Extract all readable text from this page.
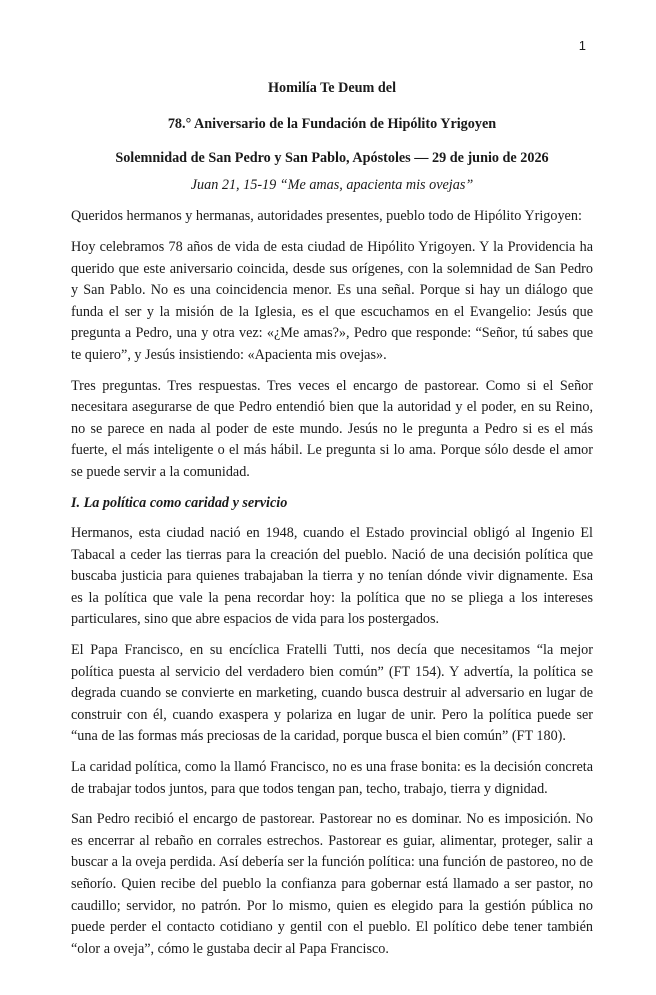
1

Homilía Te Deum del

78.° Aniversario de la Fundación de Hipólito Yrigoyen

Solemnidad de San Pedro y San Pablo, Apóstoles — 29 de junio de 2026

Juan 21, 15-19 “Me amas, apacienta mis ovejas”

Queridos hermanos y hermanas, autoridades presentes, pueblo todo de Hipólito Yrigoyen:

Hoy celebramos 78 años de vida de esta ciudad de Hipólito Yrigoyen. Y la Providencia ha querido que este aniversario coincida, desde sus orígenes, con la solemnidad de San Pedro y San Pablo. No es una coincidencia menor. Es una señal. Porque si hay un diálogo que funda el ser y la misión de la Iglesia, es el que escuchamos en el Evangelio: Jesús que pregunta a Pedro, una y otra vez: «¿Me amas?», Pedro que responde: “Señor, tú sabes que te quiero”, y Jesús insistiendo: «Apacienta mis ovejas».

Tres preguntas. Tres respuestas. Tres veces el encargo de pastorear. Como si el Señor necesitara asegurarse de que Pedro entendió bien que la autoridad y el poder, en su Reino, no se parece en nada al poder de este mundo. Jesús no le pregunta a Pedro si es el más fuerte, el más inteligente o el más hábil. Le pregunta si lo ama. Porque sólo desde el amor se puede servir a la comunidad.

I. La política como caridad y servicio

Hermanos, esta ciudad nació en 1948, cuando el Estado provincial obligó al Ingenio El Tabacal a ceder las tierras para la creación del pueblo. Nació de una decisión política que buscaba justicia para quienes trabajaban la tierra y no tenían dónde vivir dignamente. Esa es la política que vale la pena recordar hoy: la política que no se pliega a los intereses particulares, sino que abre espacios de vida para los postergados.

El Papa Francisco, en su encíclica Fratelli Tutti, nos decía que necesitamos “la mejor política puesta al servicio del verdadero bien común” (FT 154). Y advertía, la política se degrada cuando se convierte en marketing, cuando busca destruir al adversario en lugar de construir con él, cuando exaspera y polariza en lugar de unir. Pero la política puede ser “una de las formas más preciosas de la caridad, porque busca el bien común” (FT 180).

La caridad política, como la llamó Francisco, no es una frase bonita: es la decisión concreta de trabajar todos juntos, para que todos tengan pan, techo, trabajo, tierra y dignidad.

San Pedro recibió el encargo de pastorear. Pastorear no es dominar. No es imposición. No es encerrar al rebaño en corrales estrechos. Pastorear es guiar, alimentar, proteger, salir a buscar a la oveja perdida. Así debería ser la función política: una función de pastoreo, no de señorío. Quien recibe del pueblo la confianza para gobernar está llamado a ser pastor, no caudillo; servidor, no patrón. Por lo mismo, quien es elegido para la gestión pública no puede perder el contacto cotidiano y gentil con el pueblo. El político debe tener también “olor a oveja”, cómo le gustaba decir al Papa Francisco.
